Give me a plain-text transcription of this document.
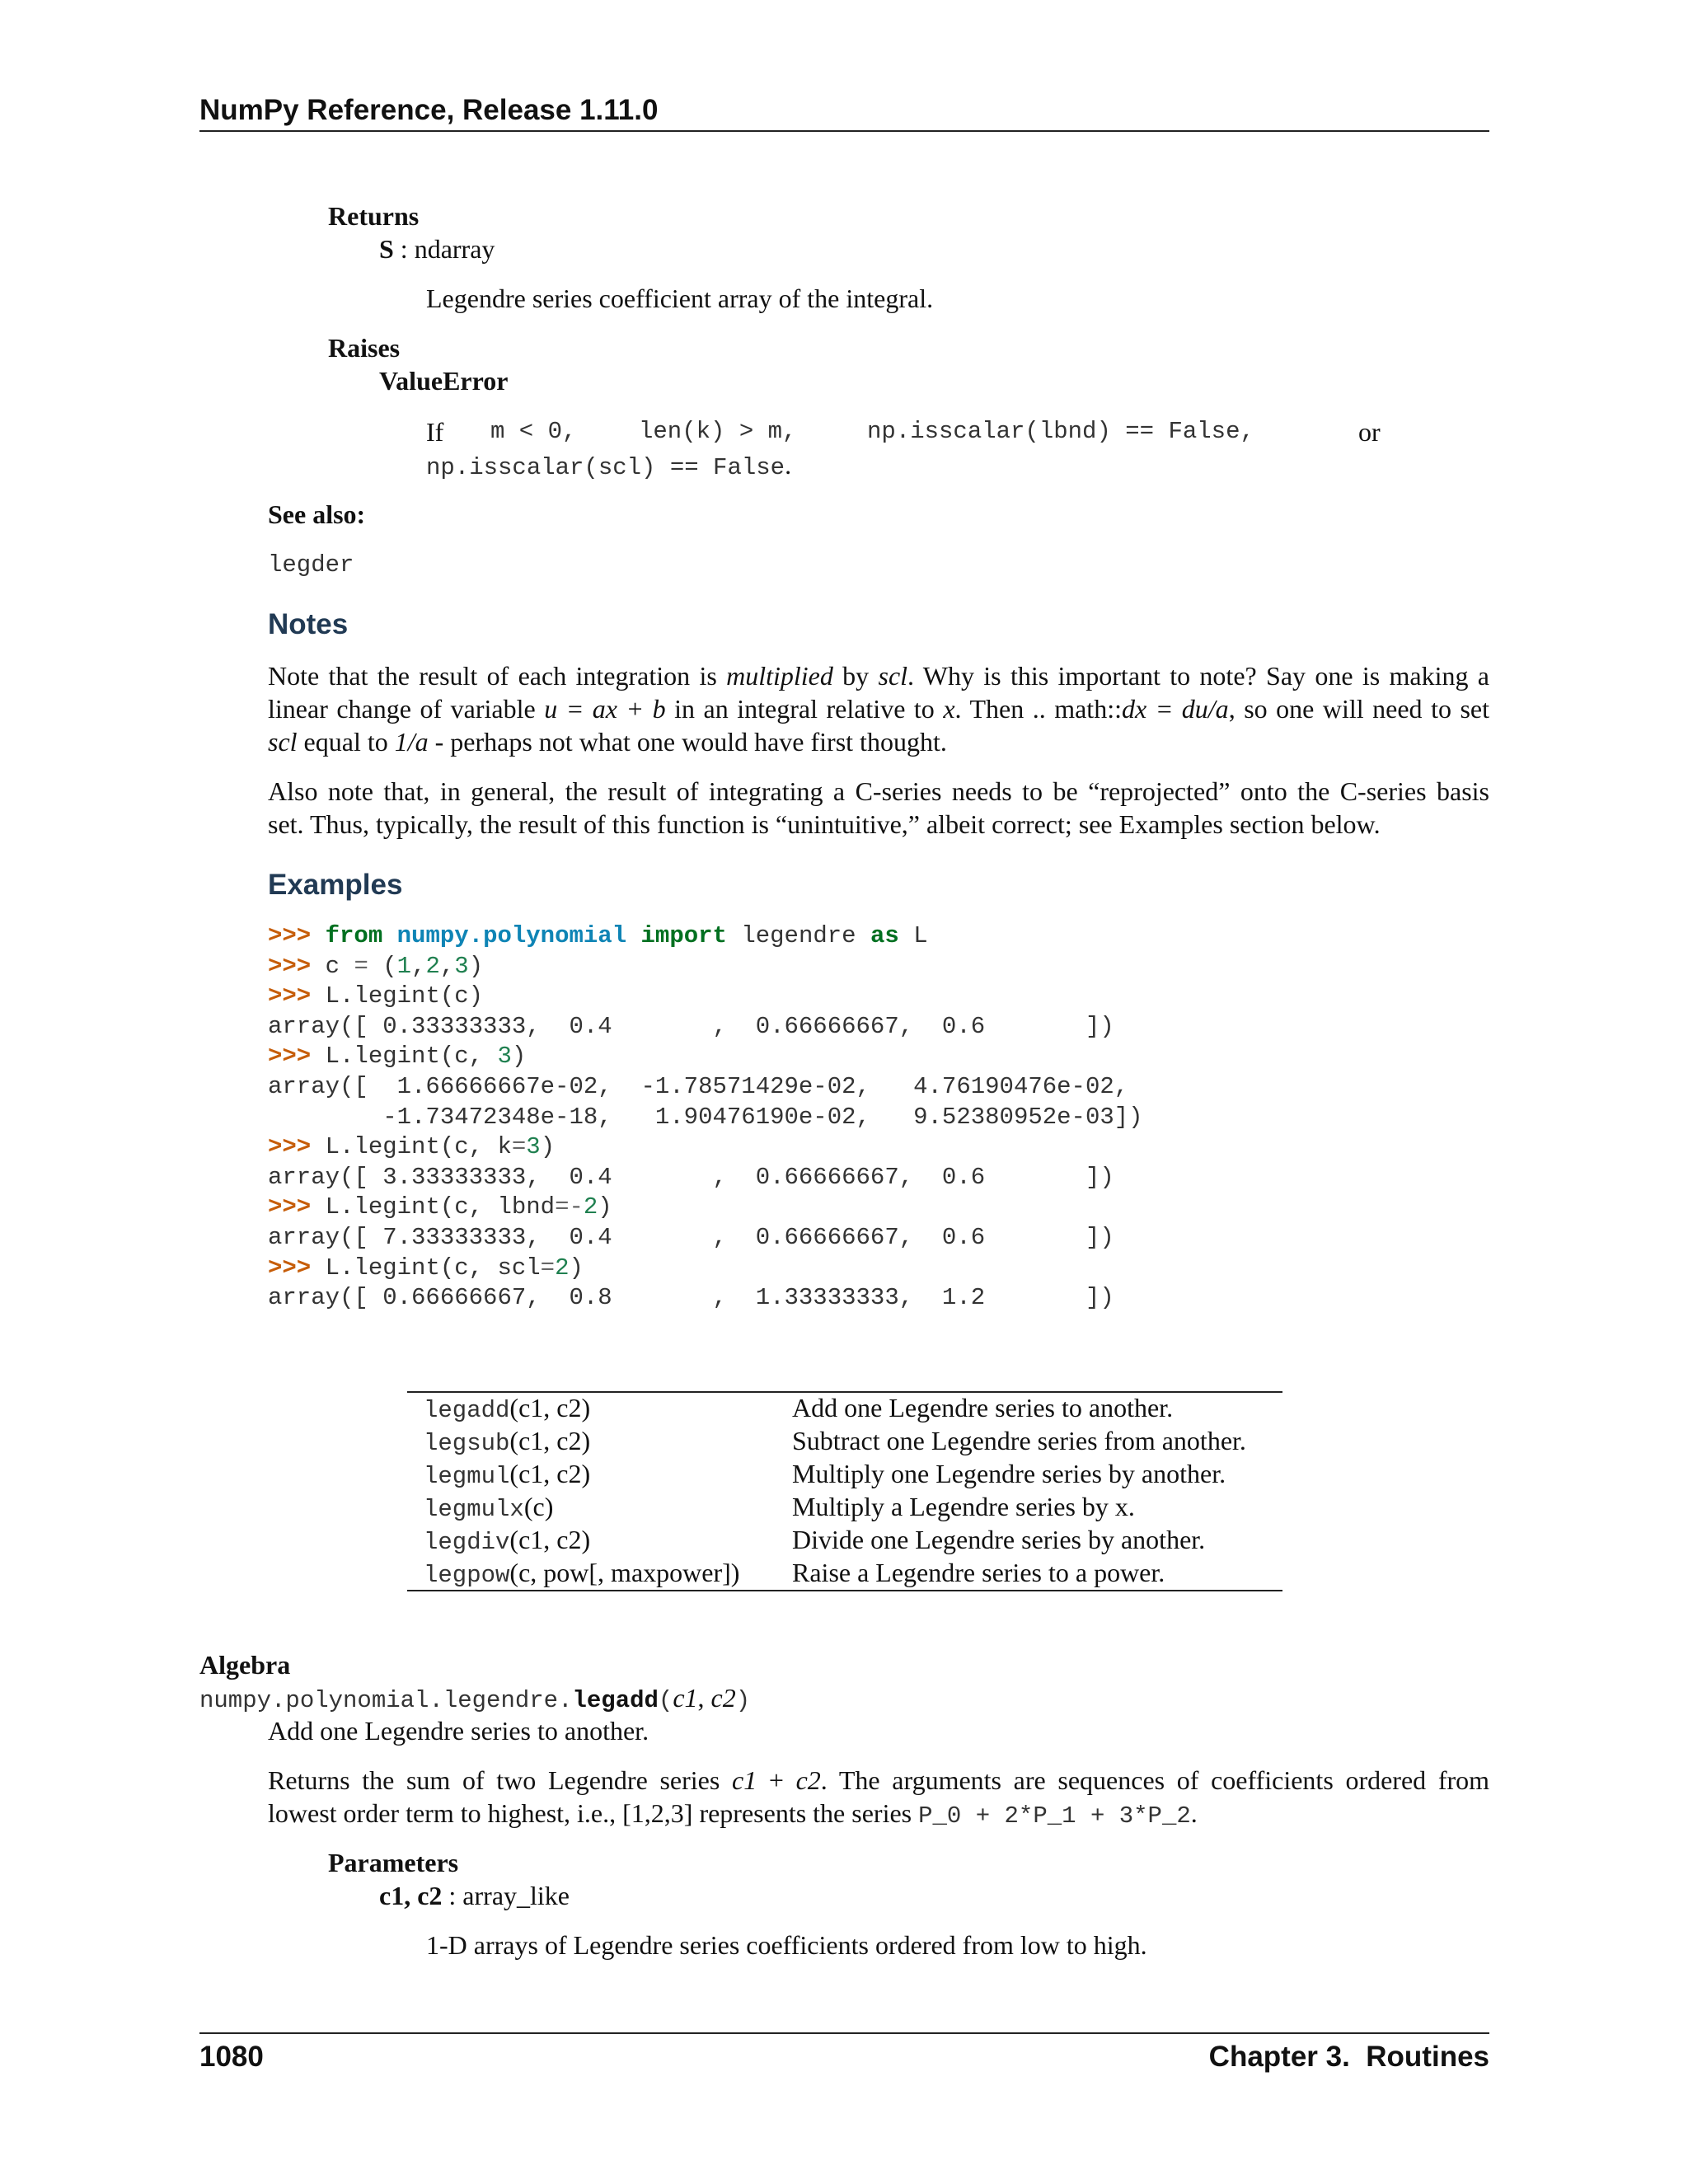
NumPy Reference, Release 1.11.0
Returns
S : ndarray
Legendre series coefficient array of the integral.
Raises
ValueError
If m < 0,	len(k) > m,	np.isscalar(lbnd) == False,	or
np.isscalar(scl) == False.
See also:
legder
Notes
Note that the result of each integration is multiplied by scl. Why is this important to note? Say one is making a
linear change of variable u = ax + b in an integral relative to x. Then .. math::dx = du/a, so one will need to set
scl equal to 1/a - perhaps not what one would have first thought.
Also note that, in general, the result of integrating a C-series needs to be “reprojected” onto the C-series basis
set. Thus, typically, the result of this function is “unintuitive,” albeit correct; see Examples section below.
Examples
>>> from numpy.polynomial import legendre as L
>>> c = (1,2,3)
>>> L.legint(c)
array([ 0.33333333,  0.4       ,  0.66666667,  0.6       ])
>>> L.legint(c, 3)
array([  1.66666667e-02,  -1.78571429e-02,   4.76190476e-02,
-1.73472348e-18,   1.90476190e-02,   9.52380952e-03])
>>> L.legint(c, k=3)
array([ 3.33333333,  0.4       ,  0.66666667,  0.6       ])
>>> L.legint(c, lbnd=-2)
array([ 7.33333333,  0.4       ,  0.66666667,  0.6       ])
>>> L.legint(c, scl=2)
array([ 0.66666667,  0.8       ,  1.33333333,  1.2       ])
legadd(c1, c2)	Add one Legendre series to another.
legsub(c1, c2)	Subtract one Legendre series from another.
legmul(c1, c2)	Multiply one Legendre series by another.
legmulx(c)	Multiply a Legendre series by x.
legdiv(c1, c2)	Divide one Legendre series by another.
legpow(c, pow[, maxpower]) Raise a Legendre series to a power.
Algebra
numpy.polynomial.legendre.legadd(c1, c2)
Add one Legendre series to another.
Returns the sum of two Legendre series c1 + c2. The arguments are sequences of coefficients ordered from
lowest order term to highest, i.e., [1,2,3] represents the series P_0 + 2*P_1 + 3*P_2.
Parameters
c1, c2 : array_like
1-D arrays of Legendre series coefficients ordered from low to high.
1080	Chapter 3.  Routines
